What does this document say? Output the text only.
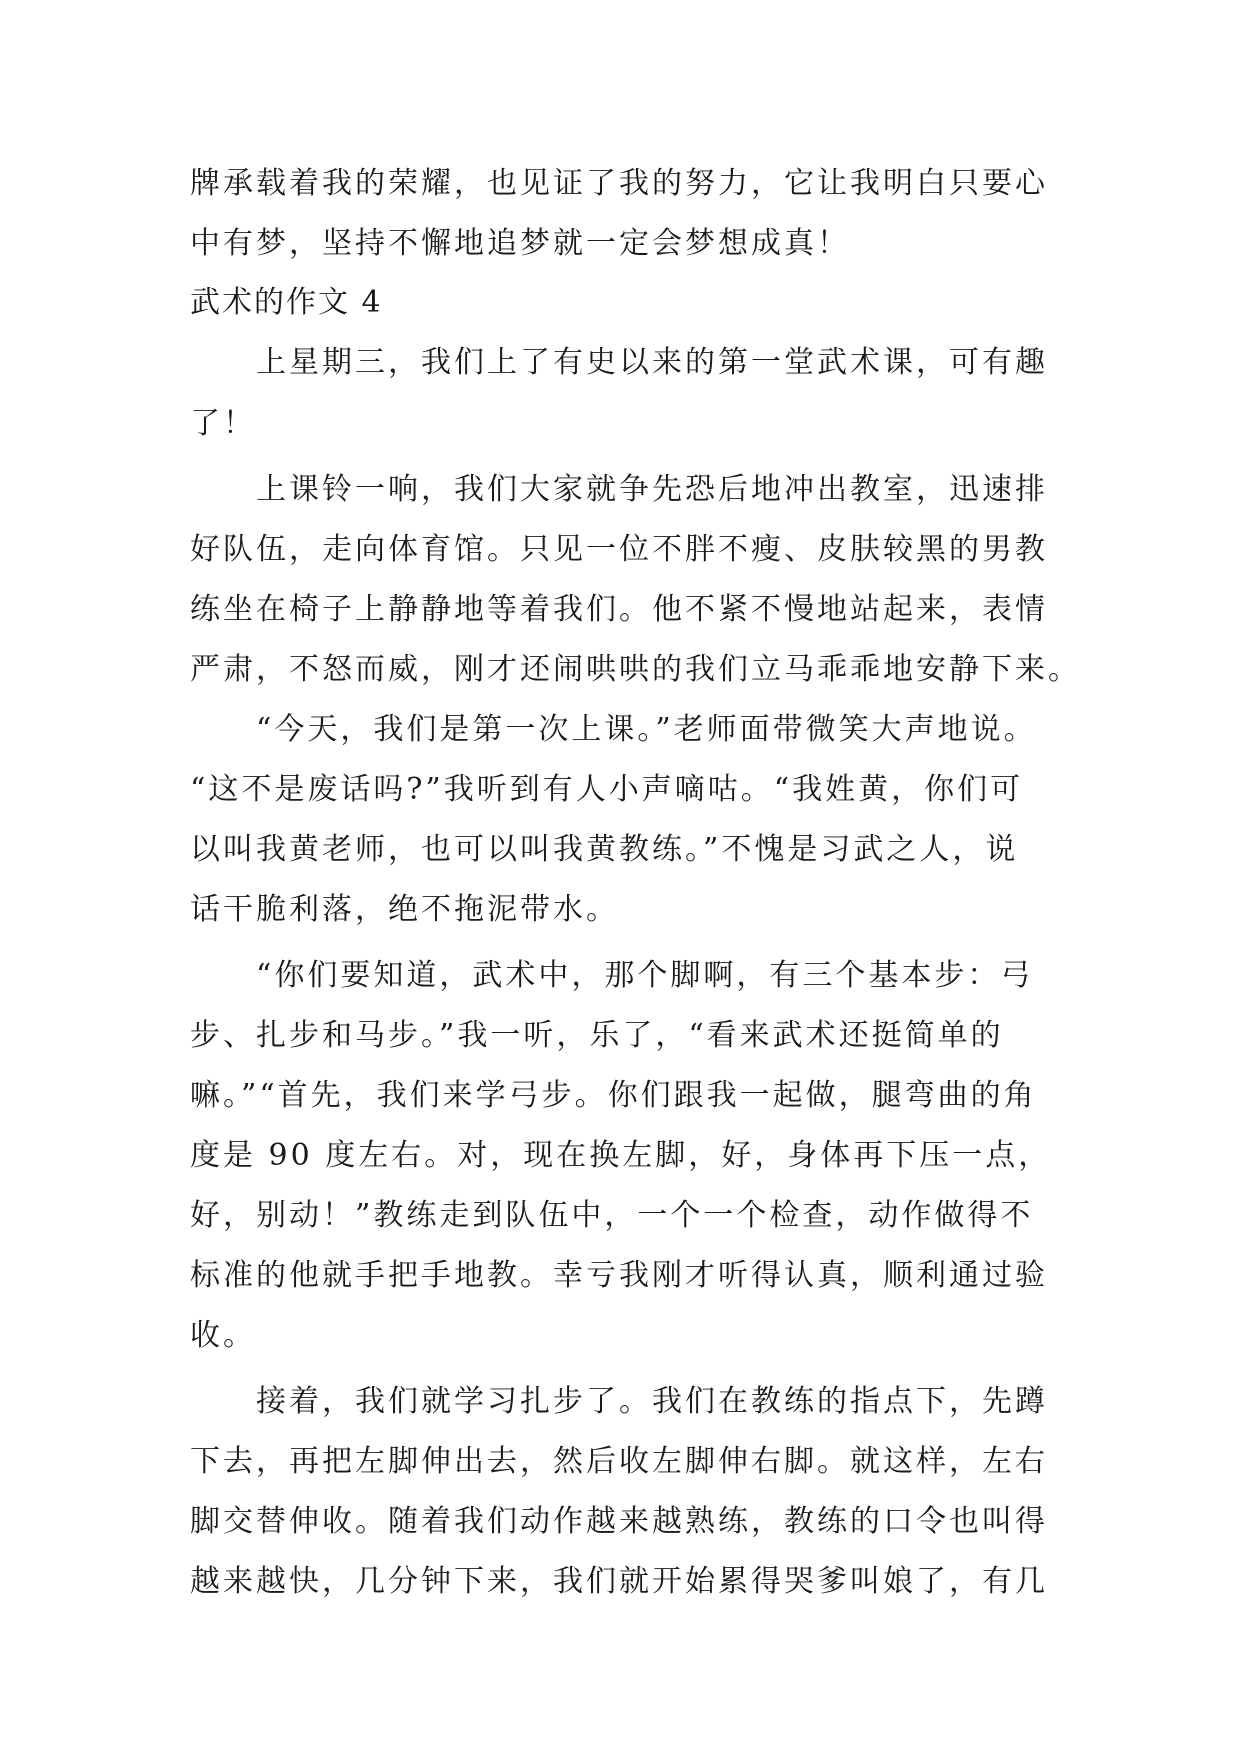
牌承载着我的荣耀，也见证了我的努力，它让我明白只要心

中有梦，坚持不懈地追梦就一定会梦想成真！

武术的作文 4

　　上星期三，我们上了有史以来的第一堂武术课，可有趣

了！

　　上课铃一响，我们大家就争先恐后地冲出教室，迅速排

好队伍，走向体育馆。只见一位不胖不瘦、皮肤较黑的男教

练坐在椅子上静静地等着我们。他不紧不慢地站起来，表情

严肃，不怒而威，刚才还闹哄哄的我们立马乖乖地安静下来。

　　“今天，我们是第一次上课。”老师面带微笑大声地说。

“这不是废话吗?”我听到有人小声嘀咕。“我姓黄，你们可

以叫我黄老师，也可以叫我黄教练。”不愧是习武之人，说

话干脆利落，绝不拖泥带水。

　　“你们要知道，武术中，那个脚啊，有三个基本步：弓

步、扎步和马步。”我一听，乐了，“看来武术还挺简单的

嘛。”“首先，我们来学弓步。你们跟我一起做，腿弯曲的角

度是 90 度左右。对，现在换左脚，好，身体再下压一点，

好，别动！”教练走到队伍中，一个一个检查，动作做得不

标准的他就手把手地教。幸亏我刚才听得认真，顺利通过验

收。

　　接着，我们就学习扎步了。我们在教练的指点下，先蹲

下去，再把左脚伸出去，然后收左脚伸右脚。就这样，左右

脚交替伸收。随着我们动作越来越熟练，教练的口令也叫得

越来越快，几分钟下来，我们就开始累得哭爹叫娘了，有几
